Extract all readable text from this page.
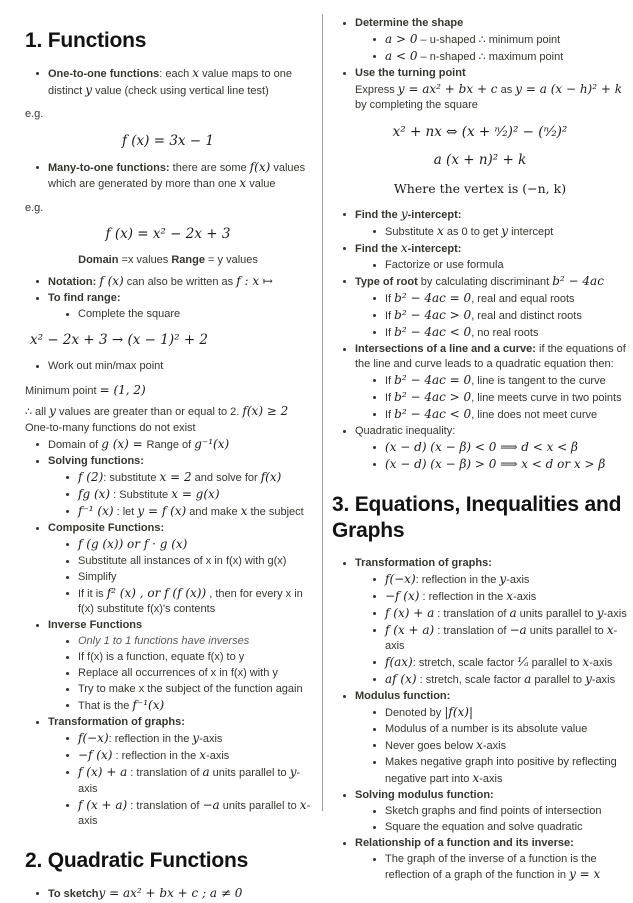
1. Functions
One-to-one functions: each x value maps to one distinct y value (check using vertical line test)
e.g.
f (x) = 3x − 1
Many-to-one functions: there are some f(x) values which are generated by more than one x value
e.g.
f (x) = x² − 2x + 3
Domain =x values Range = y values
Notation: f (x) can also be written as f : x ↦
To find range:
Complete the square
x² − 2x + 3 → (x − 1)² + 2
Work out min/max point
Minimum point = (1, 2)
∴ all y values are greater than or equal to 2. f(x) ≥ 2
One-to-many functions do not exist
Domain of g (x) = Range of g⁻¹(x)
Solving functions:
f (2): substitute x = 2 and solve for f(x)
fg (x) : Substitute x = g(x)
f⁻¹ (x) : let y = f (x) and make x the subject
Composite Functions:
f (g (x)) or f · g (x)
Substitute all instances of x in f(x) with g(x)
Simplify
If it is f² (x) , or f (f (x)) , then for every x in f(x) substitute f(x)'s contents
Inverse Functions
Only 1 to 1 functions have inverses
If f(x) is a function, equate f(x) to y
Replace all occurrences of x in f(x) with y
Try to make x the subject of the function again
That is the f⁻¹(x)
Transformation of graphs:
f(−x): reflection in the y-axis
−f (x) : reflection in the x-axis
f (x) + a : translation of a units parallel to y-axis
f (x + a) : translation of −a units parallel to x-axis
2. Quadratic Functions
To sketchy = ax² + bx + c ; a ≠ 0
Determine the shape
a > 0 – u-shaped ∴ minimum point
a < 0 – n-shaped ∴ maximum point
Use the turning point
Express y = ax² + bx + c as y = a (x − h)² + k
by completing the square
x² + nx ⇔ (x + ⁿ⁄₂)² − (ⁿ⁄₂)²
a (x + n)² + k
Where the vertex is (−n, k)
Find the y-intercept:
Substitute x as 0 to get y intercept
Find the x-intercept:
Factorize or use formula
Type of root by calculating discriminant b² − 4ac
If b² − 4ac = 0, real and equal roots
If b² − 4ac > 0, real and distinct roots
If b² − 4ac < 0, no real roots
Intersections of a line and a curve: if the equations of the line and curve leads to a quadratic equation then:
If b² − 4ac = 0, line is tangent to the curve
If b² − 4ac > 0, line meets curve in two points
If b² − 4ac < 0, line does not meet curve
Quadratic inequality:
(x − d) (x − β) < 0 ⟹ d < x < β
(x − d) (x − β) > 0 ⟹ x < d or x > β
3. Equations, Inequalities and Graphs
Transformation of graphs:
f(−x): reflection in the y-axis
−f (x) : reflection in the x-axis
f (x) + a : translation of a units parallel to y-axis
f (x + a) : translation of −a units parallel to x-axis
f(ax): stretch, scale factor ¹⁄ₐ parallel to x-axis
af (x) : stretch, scale factor a parallel to y-axis
Modulus function:
Denoted by |f(x)|
Modulus of a number is its absolute value
Never goes below x-axis
Makes negative graph into positive by reflecting negative part into x-axis
Solving modulus function:
Sketch graphs and find points of intersection
Square the equation and solve quadratic
Relationship of a function and its inverse:
The graph of the inverse of a function is the reflection of a graph of the function in y = x
